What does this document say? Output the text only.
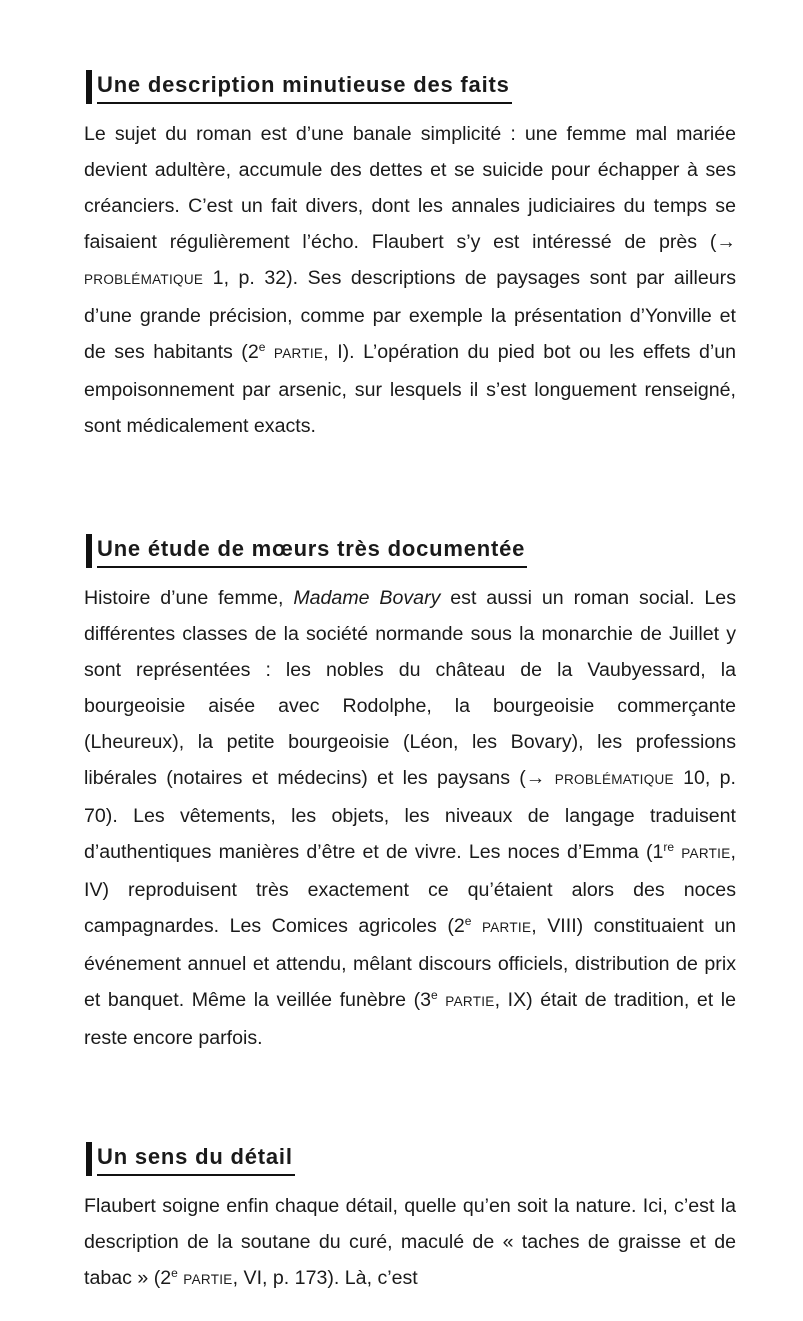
Une description minutieuse des faits

Le sujet du roman est d’une banale simplicité : une femme mal mariée devient adultère, accumule des dettes et se suicide pour échapper à ses créanciers. C’est un fait divers, dont les annales judiciaires du temps se faisaient régulièrement l’écho. Flaubert s’y est intéressé de près (→ PROBLÉMATIQUE 1, p. 32). Ses descriptions de paysages sont par ailleurs d’une grande précision, comme par exemple la présentation d’Yonville et de ses habitants (2e PARTIE, I). L’opération du pied bot ou les effets d’un empoisonnement par arsenic, sur lesquels il s’est longuement renseigné, sont médicalement exacts.

Une étude de mœurs très documentée

Histoire d’une femme, Madame Bovary est aussi un roman social. Les différentes classes de la société normande sous la monarchie de Juillet y sont représentées : les nobles du château de la Vaubyessard, la bourgeoisie aisée avec Rodolphe, la bourgeoisie commerçante (Lheureux), la petite bourgeoisie (Léon, les Bovary), les professions libérales (notaires et médecins) et les paysans (→ PROBLÉMATIQUE 10, p. 70). Les vêtements, les objets, les niveaux de langage traduisent d’authentiques manières d’être et de vivre. Les noces d’Emma (1re PARTIE, IV) reproduisent très exactement ce qu’étaient alors des noces campagnardes. Les Comices agricoles (2e PARTIE, VIII) constituaient un événement annuel et attendu, mêlant discours officiels, distribution de prix et banquet. Même la veillée funèbre (3e PARTIE, IX) était de tradition, et le reste encore parfois.

Un sens du détail

Flaubert soigne enfin chaque détail, quelle qu’en soit la nature. Ici, c’est la description de la soutane du curé, maculé de « taches de graisse et de tabac » (2e PARTIE, VI, p. 173). Là, c’est
